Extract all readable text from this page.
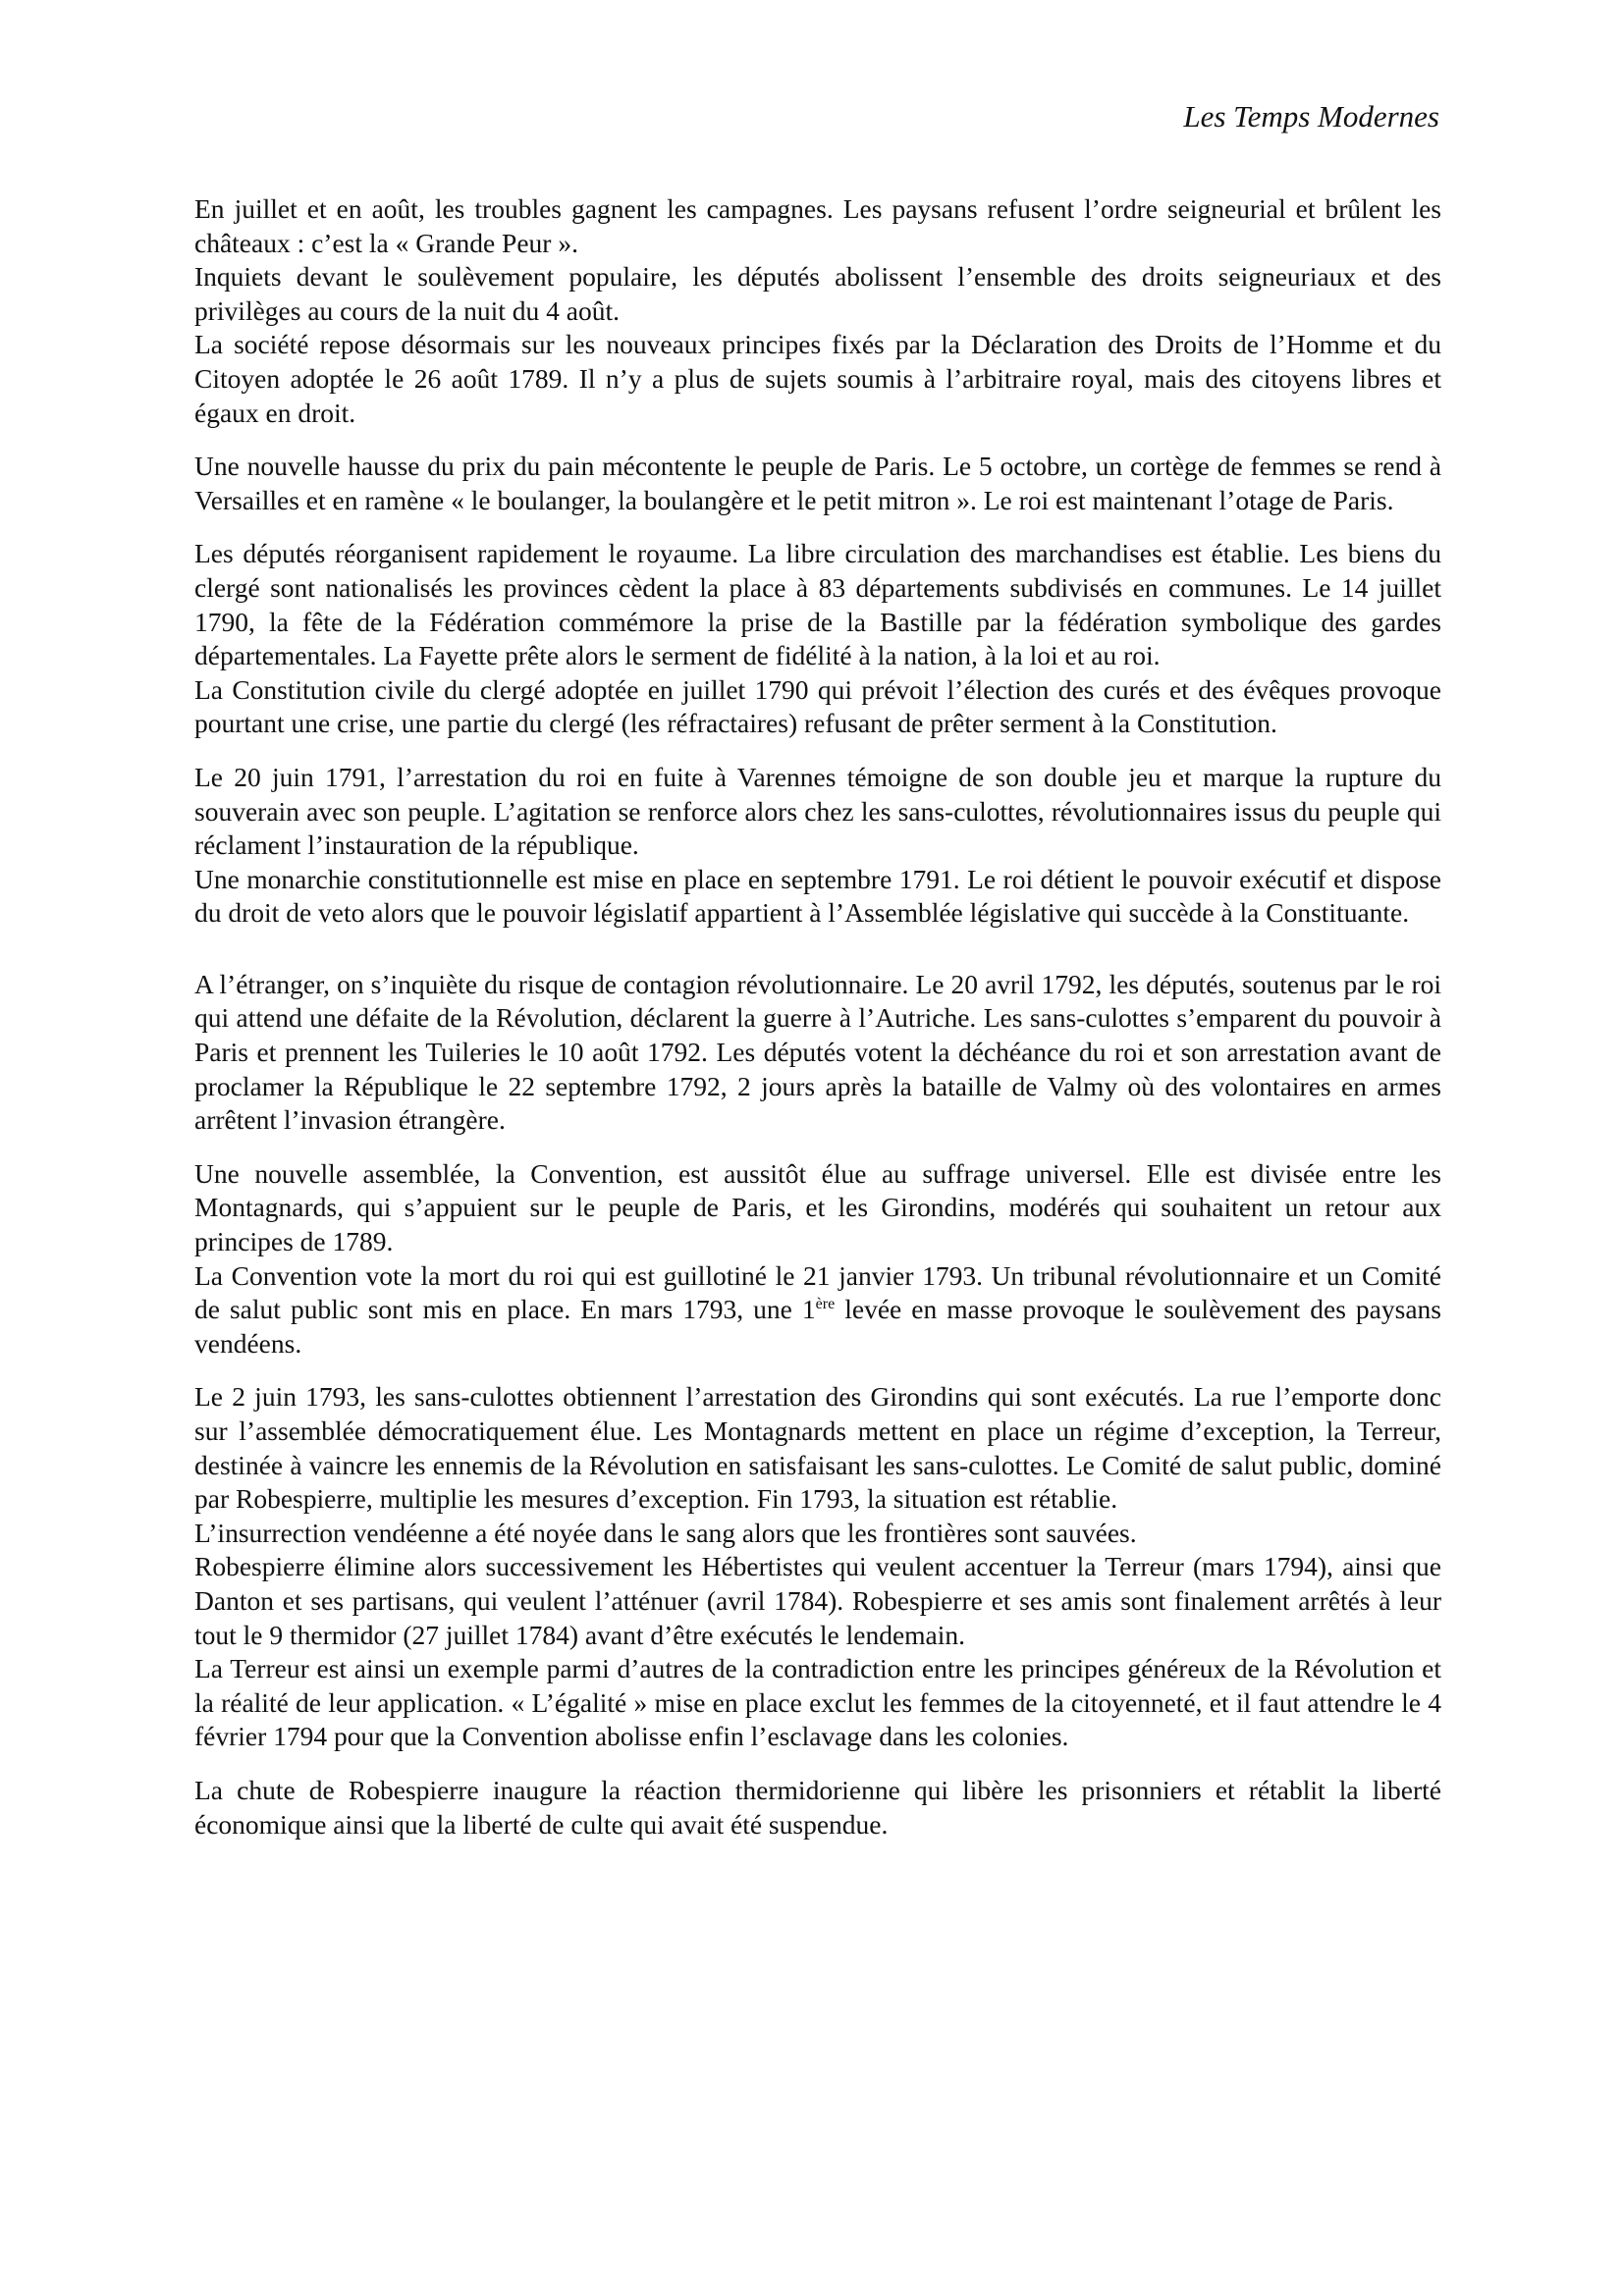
Les Temps Modernes

En juillet et en août, les troubles gagnent les campagnes. Les paysans refusent l’ordre seigneurial et brûlent les châteaux : c’est la « Grande Peur ».

Inquiets devant le soulèvement populaire, les députés abolissent l’ensemble des droits seigneuriaux et des privilèges au cours de la nuit du 4 août.

La société repose désormais sur les nouveaux principes fixés par la Déclaration des Droits de l’Homme et du Citoyen adoptée le 26 août 1789. Il n’y a plus de sujets soumis à l’arbitraire royal, mais des citoyens libres et égaux en droit.

Une nouvelle hausse du prix du pain mécontente le peuple de Paris. Le 5 octobre, un cortège de femmes se rend à Versailles et en ramène « le boulanger, la boulangère et le petit mitron ». Le roi est maintenant l’otage de Paris.

Les députés réorganisent rapidement le royaume. La libre circulation des marchandises est établie. Les biens du clergé sont nationalisés les provinces cèdent la place à 83 départements subdivisés en communes. Le 14 juillet 1790, la fête de la Fédération commémore la prise de la Bastille par la fédération symbolique des gardes départementales. La Fayette prête alors le serment de fidélité à la nation, à la loi et au roi.

La Constitution civile du clergé adoptée en juillet 1790 qui prévoit l’élection des curés et des évêques provoque pourtant une crise, une partie du clergé (les réfractaires) refusant de prêter serment à la Constitution.

Le 20 juin 1791, l’arrestation du roi en fuite à Varennes témoigne de son double jeu et marque la rupture du souverain avec son peuple. L’agitation se renforce alors chez les sans-culottes, révolutionnaires issus du peuple qui réclament l’instauration de la république.

Une monarchie constitutionnelle est mise en place en septembre 1791. Le roi détient le pouvoir exécutif et dispose du droit de veto alors que le pouvoir législatif appartient à l’Assemblée législative qui succède à la Constituante.

A l’étranger, on s’inquiète du risque de contagion révolutionnaire. Le 20 avril 1792, les députés, soutenus par le roi qui attend une défaite de la Révolution, déclarent la guerre à l’Autriche. Les sans-culottes s’emparent du pouvoir à Paris et prennent les Tuileries le 10 août 1792. Les députés votent la déchéance du roi et son arrestation avant de proclamer la République le 22 septembre 1792, 2 jours après la bataille de Valmy où des volontaires en armes arrêtent l’invasion étrangère.

Une nouvelle assemblée, la Convention, est aussitôt élue au suffrage universel. Elle est divisée entre les Montagnards, qui s’appuient sur le peuple de Paris, et les Girondins, modérés qui souhaitent un retour aux principes de 1789.

La Convention vote la mort du roi qui est guillotiné le 21 janvier 1793. Un tribunal révolutionnaire et un Comité de salut public sont mis en place. En mars 1793, une 1ère levée en masse provoque le soulèvement des paysans vendéens.

Le 2 juin 1793, les sans-culottes obtiennent l’arrestation des Girondins qui sont exécutés. La rue l’emporte donc sur l’assemblée démocratiquement élue. Les Montagnards mettent en place un régime d’exception, la Terreur, destinée à vaincre les ennemis de la Révolution en satisfaisant les sans-culottes. Le Comité de salut public, dominé par Robespierre, multiplie les mesures d’exception. Fin 1793, la situation est rétablie.

L’insurrection vendéenne a été noyée dans le sang alors que les frontières sont sauvées.

Robespierre élimine alors successivement les Hébertistes qui veulent accentuer la Terreur (mars 1794), ainsi que Danton et ses partisans, qui veulent l’atténuer (avril 1784). Robespierre et ses amis sont finalement arrêtés à leur tout le 9 thermidor (27 juillet 1784) avant d’être exécutés le lendemain.

La Terreur est ainsi un exemple parmi d’autres de la contradiction entre les principes généreux de la Révolution et la réalité de leur application. « L’égalité » mise en place exclut les femmes de la citoyenneté, et il faut attendre le 4 février 1794 pour que la Convention abolisse enfin l’esclavage dans les colonies.

La chute de Robespierre inaugure la réaction thermidorienne qui libère les prisonniers et rétablit la liberté économique ainsi que la liberté de culte qui avait été suspendue.
